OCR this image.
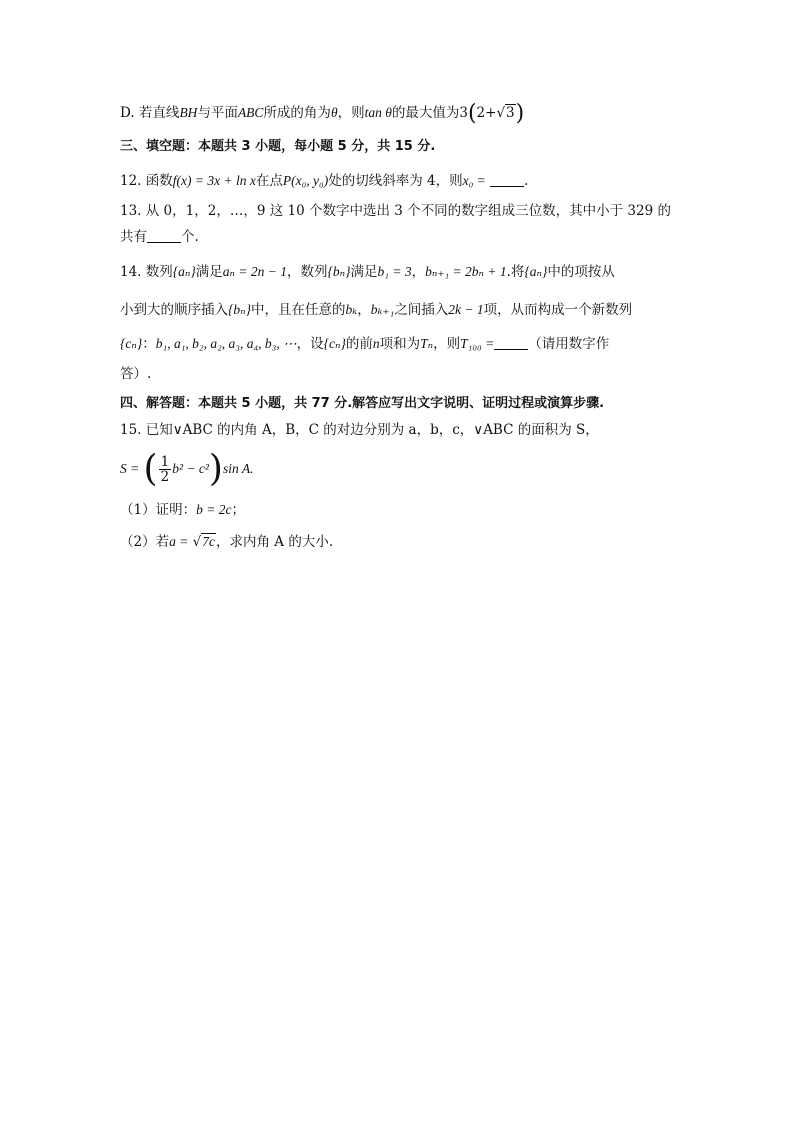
D. 若直线BH与平面ABC所成的角为θ，则tan θ的最大值为3(2+√3)
三、填空题：本题共 3 小题，每小题 5 分，共 15 分.
12. 函数f(x) = 3x + ln x在点P(x₀, y₀)处的切线斜率为 4，则x₀ =	.
13. 从 0，1，2，…，9 这 10 个数字中选出 3 个不同的数字组成三位数，其中小于 329 的
共有	个.
14. 数列{aₙ}满足aₙ = 2n − 1，数列{bₙ}满足b₁ = 3，bₙ₊₁ = 2bₙ + 1.将{aₙ}中的项按从
小到大的顺序插入{bₙ}中，且在任意的bₖ，bₖ₊₁之间插入2k − 1项，从而构成一个新数列
{cₙ}：b₁, a₁, b₂, a₂, a₃, a₄, b₃, ⋯，设{cₙ}的前n项和为Tₙ，则T₁₀₀ =	（请用数字作
答）.
四、解答题：本题共 5 小题，共 77 分.解答应写出文字说明、证明过程或演算步骤.
15. 已知∨ABC 的内角 A，B，C 的对边分别为 a，b，c，∨ABC 的面积为 S，
S = ( $\frac{1}{2} b^2 - c^2)\sin$ A.
（1）证明：b = 2c；
（2）若a = √7c，求内角 A 的大小.
